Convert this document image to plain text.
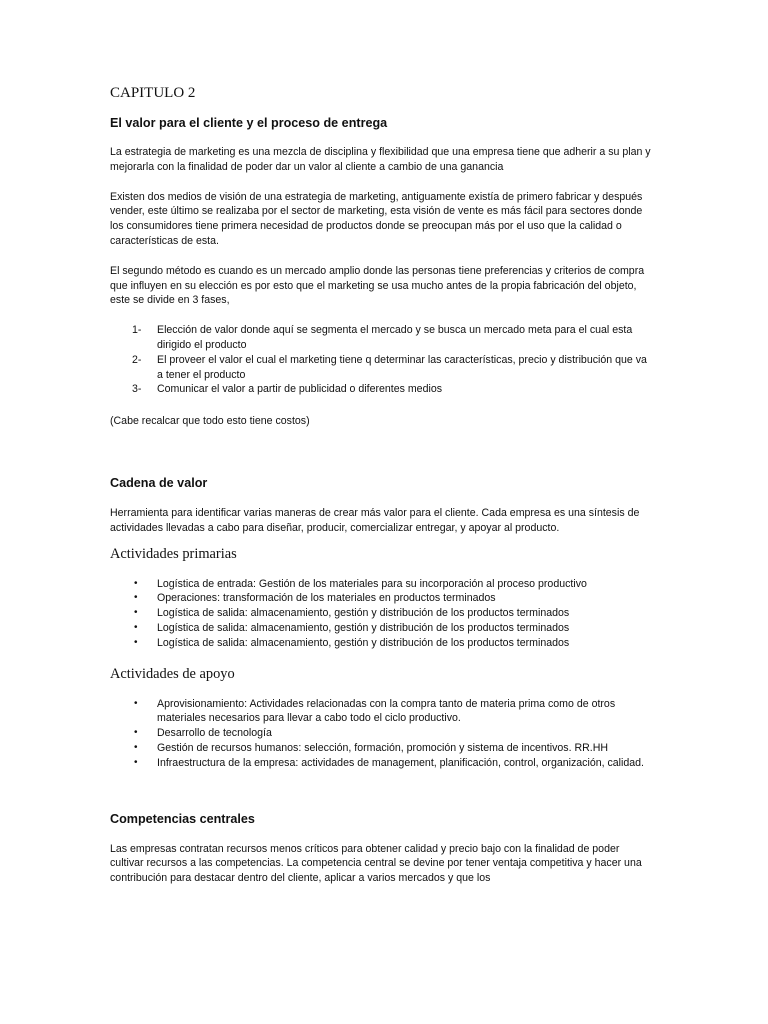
CAPITULO 2
El valor para el cliente y el proceso de entrega

La estrategia de marketing es una mezcla de disciplina y flexibilidad que una empresa tiene que adherir a su plan y mejorarla con la finalidad de poder dar un valor al cliente a cambio de una ganancia

Existen dos medios de visión de una estrategia de marketing, antiguamente existía de primero fabricar y después vender, este último se realizaba por el sector de marketing, esta visión de vente es más fácil para sectores donde los consumidores tiene primera necesidad de productos donde se preocupan más por el uso que la calidad o características de esta.

El segundo método es cuando es un mercado amplio donde las personas tiene preferencias y criterios de compra que influyen en su elección es por esto que el marketing se usa mucho antes de la propia fabricación del objeto, este se divide en 3 fases,

1- Elección de valor donde aquí se segmenta el mercado y se busca un mercado meta para el cual esta dirigido el producto
2- El proveer el valor el cual el marketing tiene q determinar las características, precio y distribución que va a tener el producto
3- Comunicar el valor a partir de publicidad o diferentes medios

(Cabe recalcar que todo esto tiene costos)

Cadena de valor

Herramienta para identificar varias maneras de crear más valor para el cliente. Cada empresa es una síntesis de actividades llevadas a cabo para diseñar, producir, comercializar entregar, y apoyar al producto.

Actividades primarias
• Logística de entrada: Gestión de los materiales para su incorporación al proceso productivo
• Operaciones: transformación de los materiales en productos terminados
• Logística de salida: almacenamiento, gestión y distribución de los productos terminados
• Logística de salida: almacenamiento, gestión y distribución de los productos terminados
• Logística de salida: almacenamiento, gestión y distribución de los productos terminados
Actividades de apoyo
• Aprovisionamiento: Actividades relacionadas con la compra tanto de materia prima como de otros materiales necesarios para llevar a cabo todo el ciclo productivo.
• Desarrollo de tecnología
• Gestión de recursos humanos: selección, formación, promoción y sistema de incentivos. RR.HH
• Infraestructura de la empresa: actividades de management, planificación, control, organización, calidad.
Competencias centrales

Las empresas contratan recursos menos críticos para obtener calidad y precio bajo con la finalidad de poder cultivar recursos a las competencias. La competencia central se devine por tener ventaja competitiva y hacer una contribución para destacar dentro del cliente, aplicar a varios mercados y que los
